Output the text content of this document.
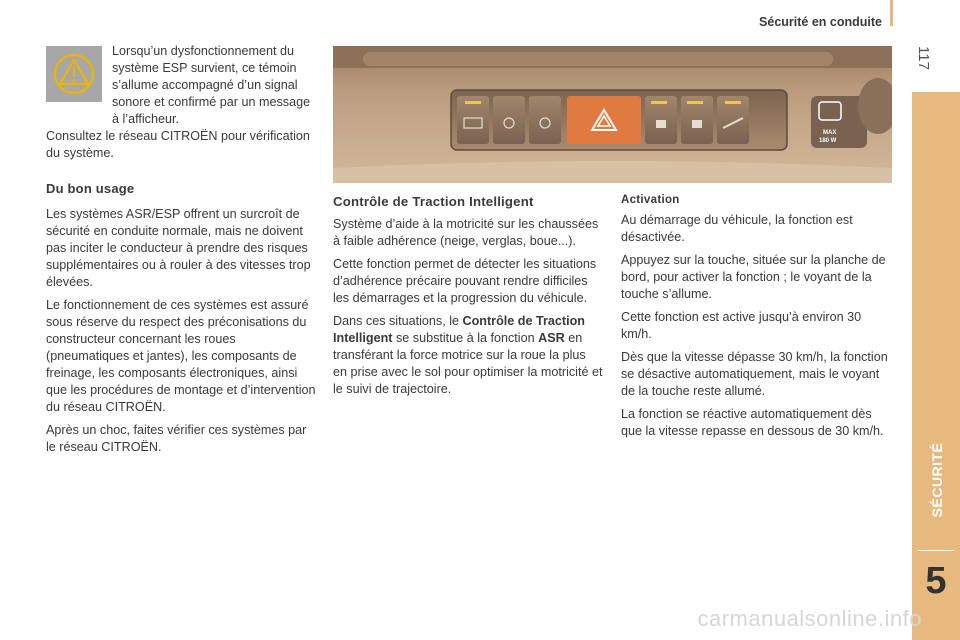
Sécurité en conduite
117
SÉCURITÉ
5

Lorsqu’un dysfonctionnement du système ESP survient, ce témoin s’allume accompagné d’un signal sonore et confirmé par un message à l’afficheur.

Consultez le réseau CITROËN pour vérification du système.

Du bon usage

Les systèmes ASR/ESP offrent un surcroît de sécurité en conduite normale, mais ne doivent pas inciter le conducteur à prendre des risques supplémentaires ou à rouler à des vitesses trop élevées.

Le fonctionnement de ces systèmes est assuré sous réserve du respect des préconisations du constructeur concernant les roues (pneumatiques et jantes), les composants de freinage, les composants électroniques, ainsi que les procédures de montage et d’intervention du réseau CITROËN.

Après un choc, faites vérifier ces systèmes par le réseau CITROËN.

MAX
180 W
Contrôle de Traction Intelligent

Système d’aide à la motricité sur les chaussées à faible adhérence (neige, verglas, boue...).

Cette fonction permet de détecter les situations d’adhérence précaire pouvant rendre difficiles les démarrages et la progression du véhicule.

Dans ces situations, le Contrôle de Traction Intelligent se substitue à la fonction ASR en transférant la force motrice sur la roue la plus en prise avec le sol pour optimiser la motricité et le suivi de trajectoire.

Activation

Au démarrage du véhicule, la fonction est désactivée.

Appuyez sur la touche, située sur la planche de bord, pour activer la fonction ; le voyant de la touche s’allume.

Cette fonction est active jusqu’à environ 30 km/h.

Dès que la vitesse dépasse 30 km/h, la fonction se désactive automatiquement, mais le voyant de la touche reste allumé.

La fonction se réactive automatiquement dès que la vitesse repasse en dessous de 30 km/h.

carmanualsonline.info
